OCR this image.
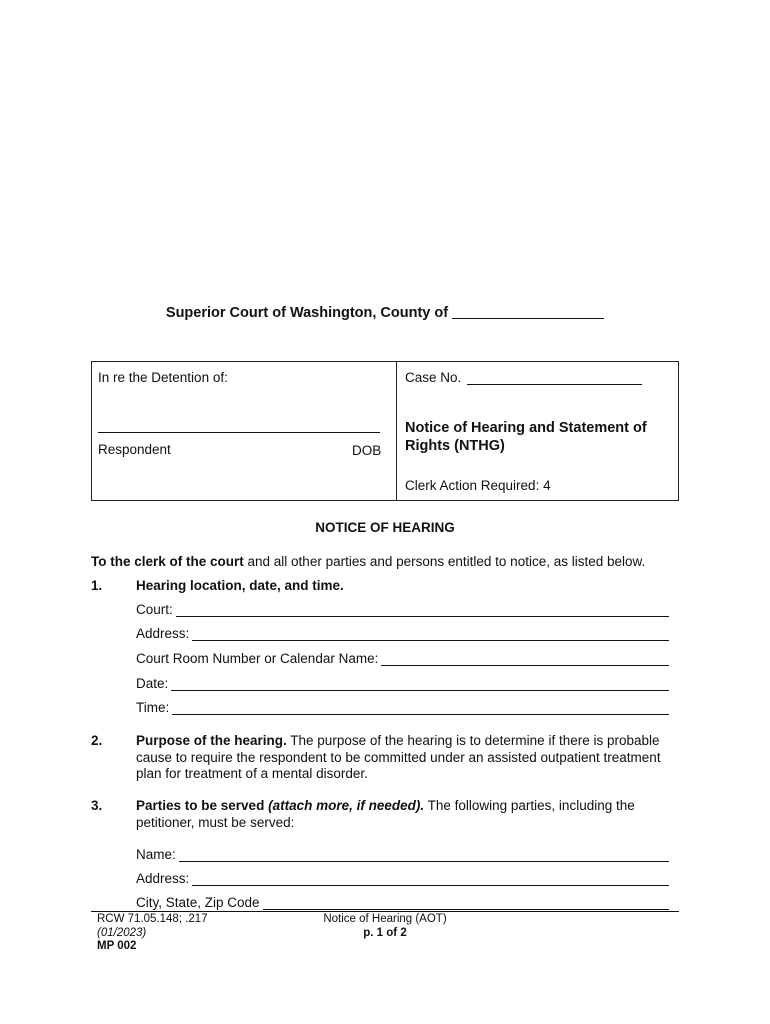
Superior Court of Washington, County of
In re the Detention of:
Respondent	DOB
Case No.
Notice of Hearing and Statement of Rights (NTHG)
Clerk Action Required: 4
NOTICE OF HEARING
To the clerk of the court and all other parties and persons entitled to notice, as listed below.
1. Hearing location, date, and time.
Court:
Address:
Court Room Number or Calendar Name:
Date:
Time:
2. Purpose of the hearing. The purpose of the hearing is to determine if there is probable cause to require the respondent to be committed under an assisted outpatient treatment plan for treatment of a mental disorder.
3. Parties to be served (attach more, if needed). The following parties, including the petitioner, must be served:
Name:
Address:
City, State, Zip Code
RCW 71.05.148; .217
(01/2023)
MP 002
Notice of Hearing (AOT)
p. 1 of 2
